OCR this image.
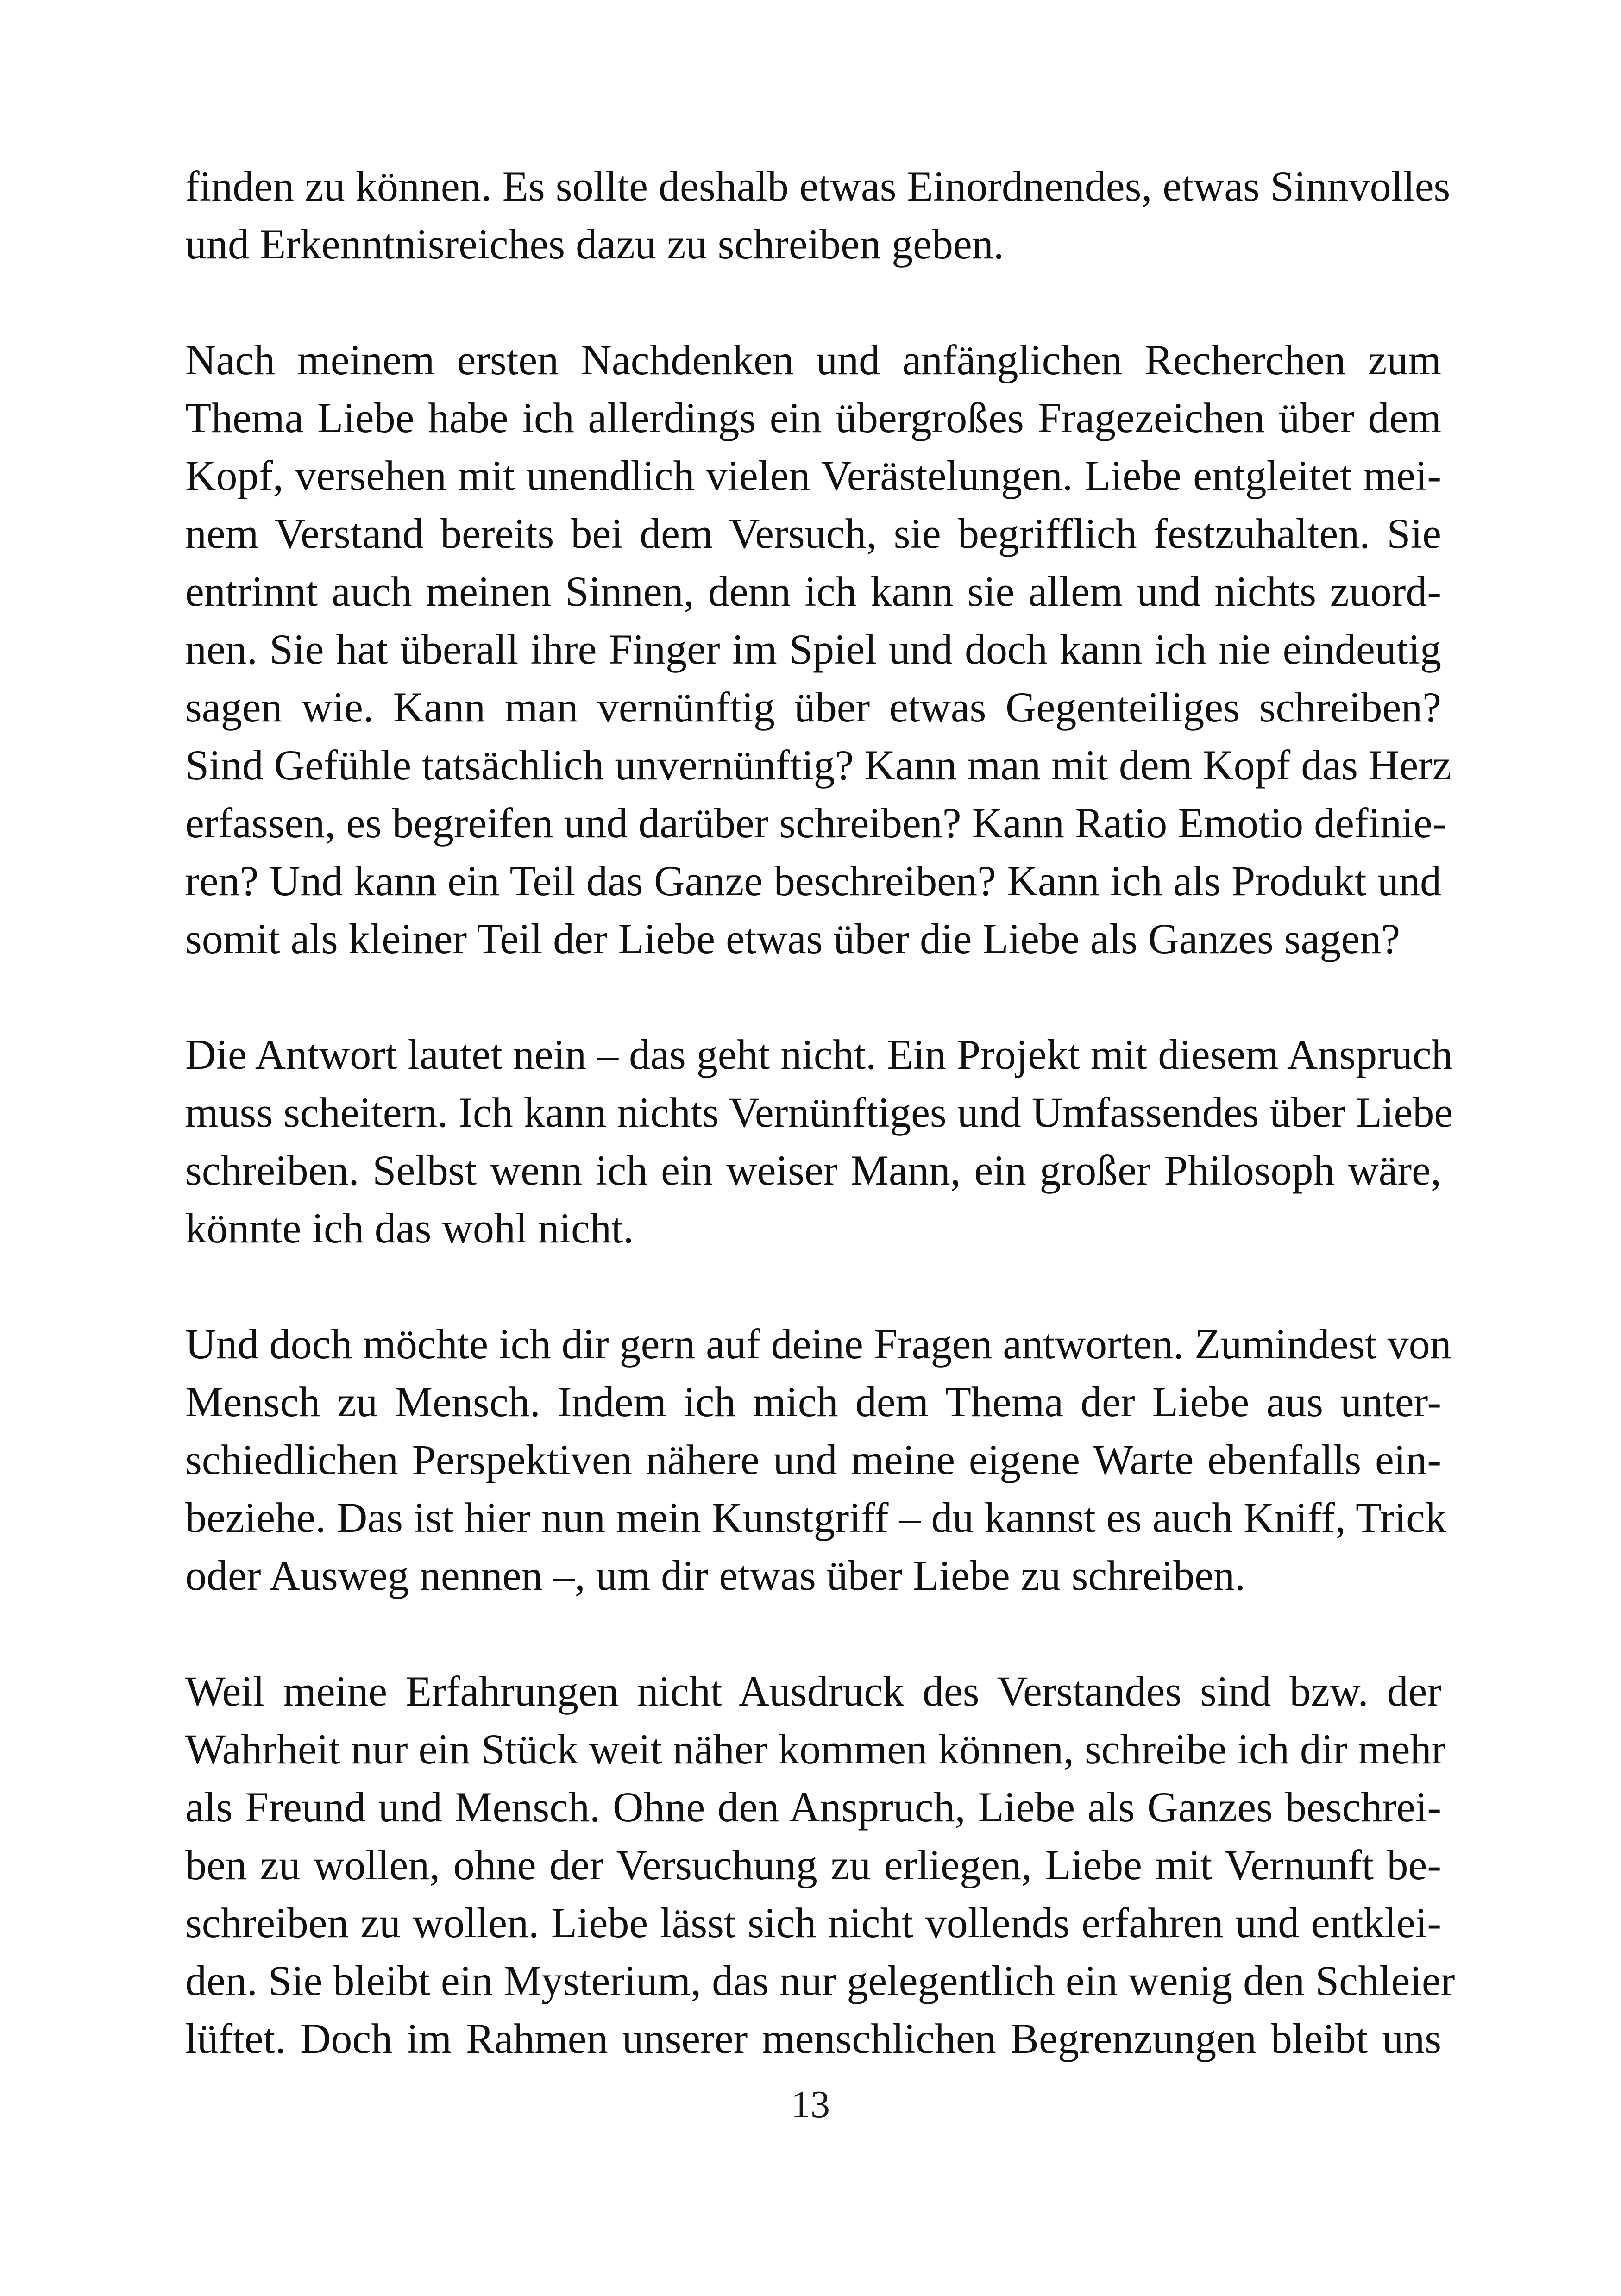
finden zu können. Es sollte deshalb etwas Einordnendes, etwas Sinnvolles
und Erkenntnisreiches dazu zu schreiben geben.
Nach meinem ersten Nachdenken und anfänglichen Recherchen zum
Thema Liebe habe ich allerdings ein übergroßes Fragezeichen über dem
Kopf, versehen mit unendlich vielen Verästelungen. Liebe entgleitet mei-
nem Verstand bereits bei dem Versuch, sie begrifflich festzuhalten. Sie
entrinnt auch meinen Sinnen, denn ich kann sie allem und nichts zuord-
nen. Sie hat überall ihre Finger im Spiel und doch kann ich nie eindeutig
sagen wie. Kann man vernünftig über etwas Gegenteiliges schreiben?
Sind Gefühle tatsächlich unvernünftig? Kann man mit dem Kopf das Herz
erfassen, es begreifen und darüber schreiben? Kann Ratio Emotio definie-
ren? Und kann ein Teil das Ganze beschreiben? Kann ich als Produkt und
somit als kleiner Teil der Liebe etwas über die Liebe als Ganzes sagen?
Die Antwort lautet nein – das geht nicht. Ein Projekt mit diesem Anspruch
muss scheitern. Ich kann nichts Vernünftiges und Umfassendes über Liebe
schreiben. Selbst wenn ich ein weiser Mann, ein großer Philosoph wäre,
könnte ich das wohl nicht.
Und doch möchte ich dir gern auf deine Fragen antworten. Zumindest von
Mensch zu Mensch. Indem ich mich dem Thema der Liebe aus unter-
schiedlichen Perspektiven nähere und meine eigene Warte ebenfalls ein-
beziehe. Das ist hier nun mein Kunstgriff – du kannst es auch Kniff, Trick
oder Ausweg nennen –, um dir etwas über Liebe zu schreiben.
Weil meine Erfahrungen nicht Ausdruck des Verstandes sind bzw. der
Wahrheit nur ein Stück weit näher kommen können, schreibe ich dir mehr
als Freund und Mensch. Ohne den Anspruch, Liebe als Ganzes beschrei-
ben zu wollen, ohne der Versuchung zu erliegen, Liebe mit Vernunft be-
schreiben zu wollen. Liebe lässt sich nicht vollends erfahren und entklei-
den. Sie bleibt ein Mysterium, das nur gelegentlich ein wenig den Schleier
lüftet. Doch im Rahmen unserer menschlichen Begrenzungen bleibt uns
13
